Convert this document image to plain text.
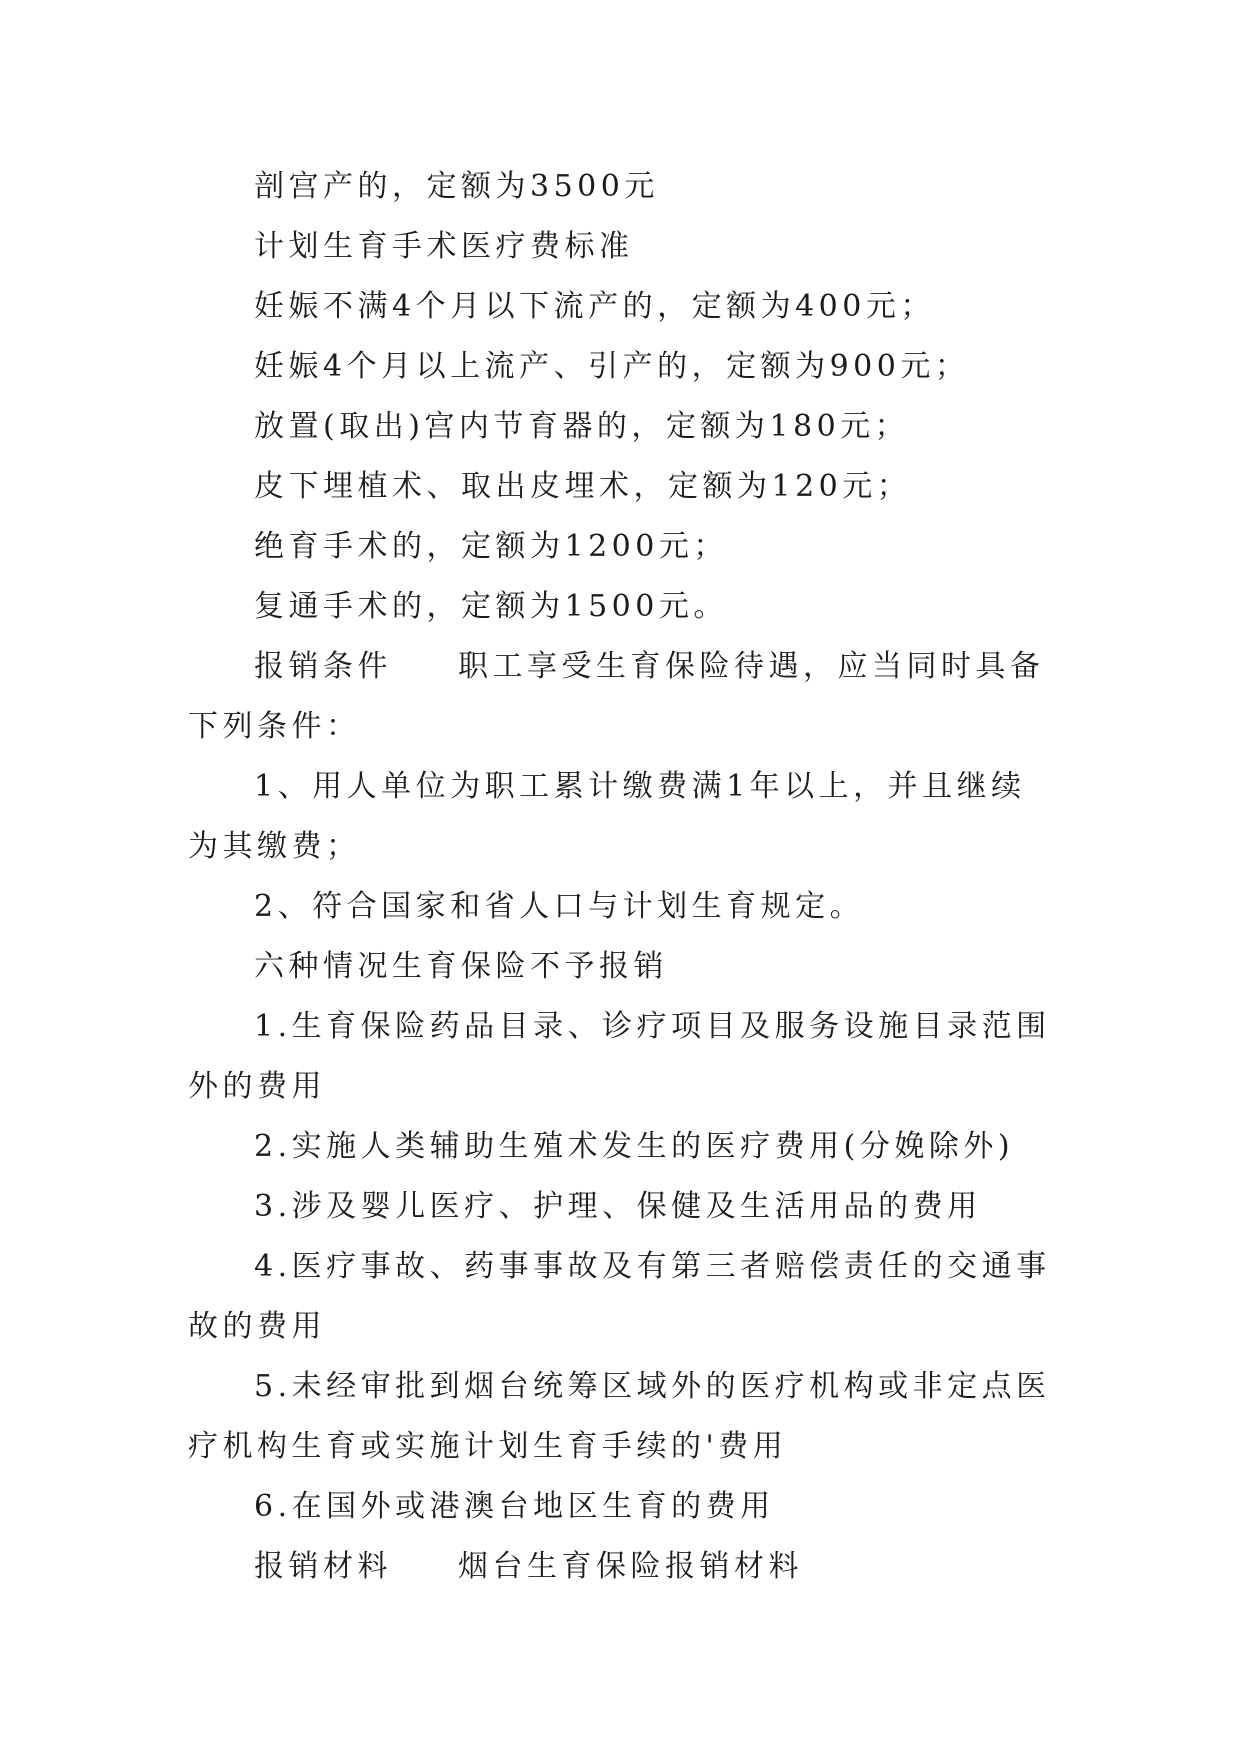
剖宫产的，定额为3500元

计划生育手术医疗费标准

妊娠不满4个月以下流产的，定额为400元；

妊娠4个月以上流产、引产的，定额为900元；

放置(取出)宫内节育器的，定额为180元；

皮下埋植术、取出皮埋术，定额为120元；

绝育手术的，定额为1200元；

复通手术的，定额为1500元。

报销条件 职工享受生育保险待遇，应当同时具备下列条件：

1、用人单位为职工累计缴费满1年以上，并且继续为其缴费；

2、符合国家和省人口与计划生育规定。

六种情况生育保险不予报销

1.生育保险药品目录、诊疗项目及服务设施目录范围外的费用

2.实施人类辅助生殖术发生的医疗费用(分娩除外)

3.涉及婴儿医疗、护理、保健及生活用品的费用

4.医疗事故、药事事故及有第三者赔偿责任的交通事故的费用

5.未经审批到烟台统筹区域外的医疗机构或非定点医疗机构生育或实施计划生育手续的'费用

6.在国外或港澳台地区生育的费用

报销材料 烟台生育保险报销材料
